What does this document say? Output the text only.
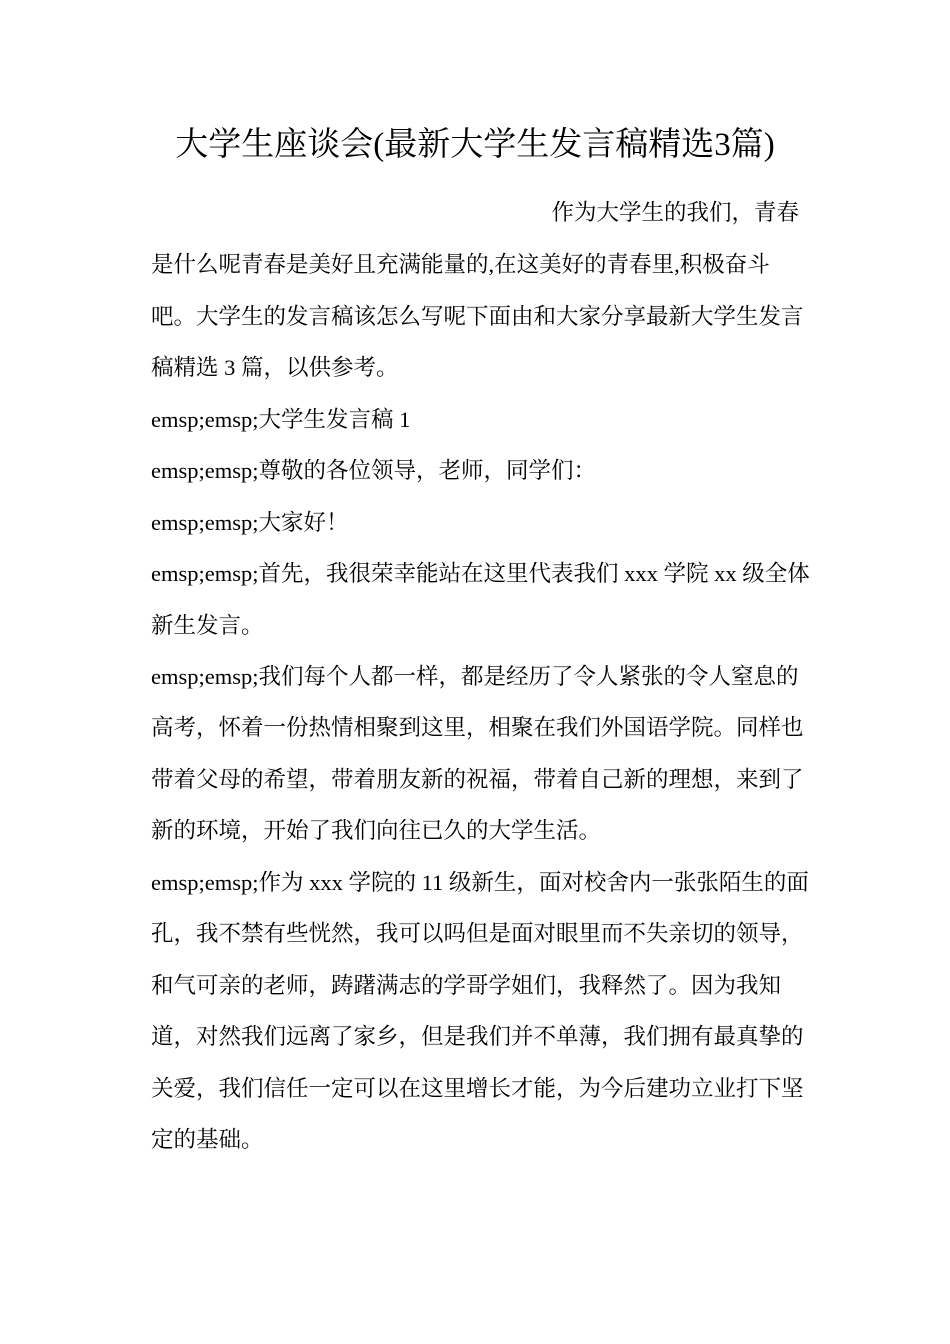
大学生座谈会(最新大学生发言稿精选3篇)
作为大学生的我们，青春
是什么呢青春是美好且充满能量的,在这美好的青春里,积极奋斗
吧。大学生的发言稿该怎么写呢下面由和大家分享最新大学生发言
稿精选 3 篇，以供参考。
emsp;emsp;大学生发言稿 1
emsp;emsp;尊敬的各位领导，老师，同学们：
emsp;emsp;大家好！
emsp;emsp;首先，我很荣幸能站在这里代表我们 xxx 学院 xx 级全体
新生发言。
emsp;emsp;我们每个人都一样，都是经历了令人紧张的令人窒息的
高考，怀着一份热情相聚到这里，相聚在我们外国语学院。同样也
带着父母的希望，带着朋友新的祝福，带着自己新的理想，来到了
新的环境，开始了我们向往已久的大学生活。
emsp;emsp;作为 xxx 学院的 11 级新生，面对校舍内一张张陌生的面
孔，我不禁有些恍然，我可以吗但是面对眼里而不失亲切的领导，
和气可亲的老师，踌躇满志的学哥学姐们，我释然了。因为我知
道，对然我们远离了家乡，但是我们并不单薄，我们拥有最真挚的
关爱，我们信任一定可以在这里增长才能，为今后建功立业打下坚
定的基础。
